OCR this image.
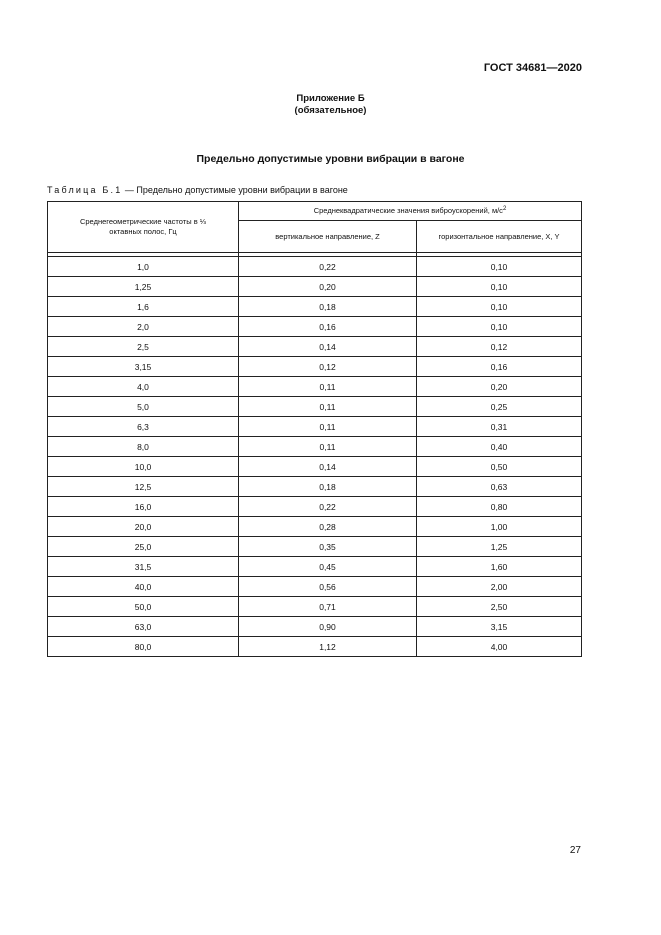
ГОСТ 34681—2020
Приложение Б
(обязательное)
Предельно допустимые уровни вибрации в вагоне
Таблица Б.1 — Предельно допустимые уровни вибрации в вагоне
Среднегеометрические частоты в ⅓
октавных полос, Гц	Среднеквадратические значения виброускорений, $м/с^2$
	вертикальное направление, Z	горизонтальное направление, X, Y

1,0	0,22	0,10
1,25	0,20	0,10
1,6	0,18	0,10
2,0	0,16	0,10
2,5	0,14	0,12
3,15	0,12	0,16
4,0	0,11	0,20
5,0	0,11	0,25
6,3	0,11	0,31
8,0	0,11	0,40
10,0	0,14	0,50
12,5	0,18	0,63
16,0	0,22	0,80
20,0	0,28	1,00
25,0	0,35	1,25
31,5	0,45	1,60
40,0	0,56	2,00
50,0	0,71	2,50
63,0	0,90	3,15
80,0	1,12	4,00
27
